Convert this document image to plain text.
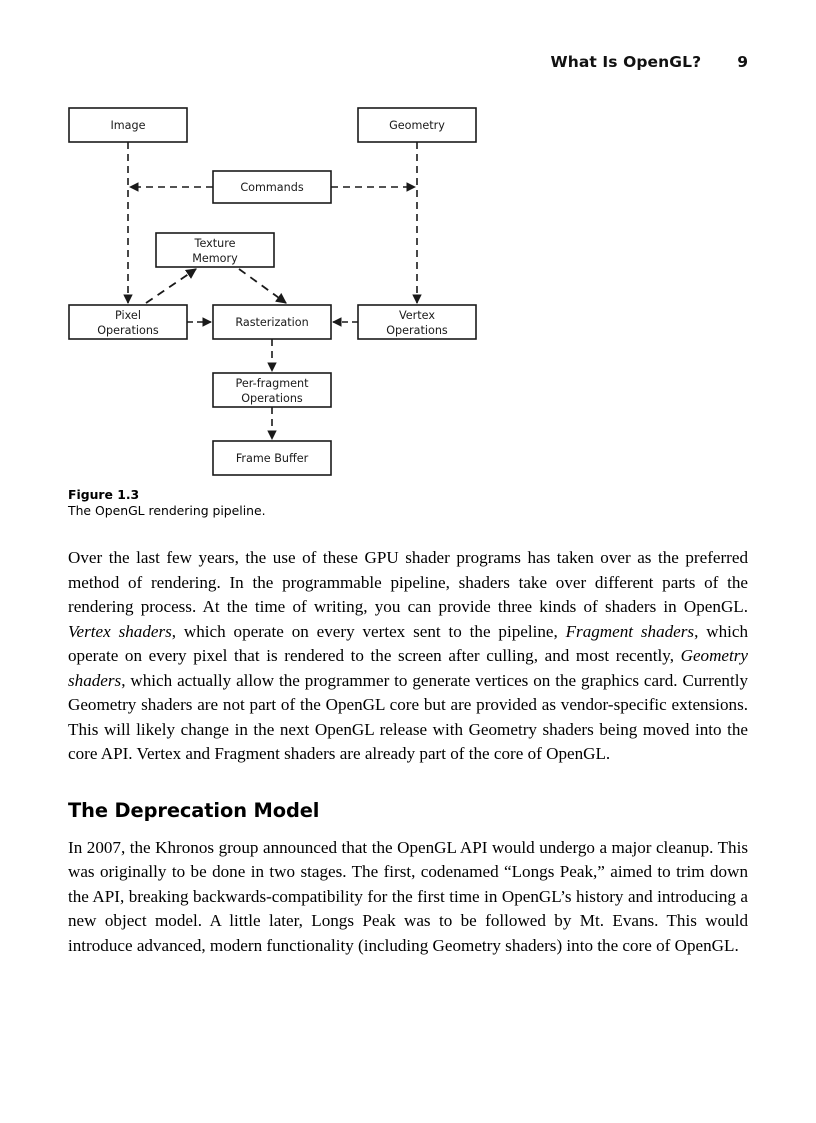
What Is OpenGL? 9
Image	Geometry
Commands
Texture
Memory
Pixel
Operations
Rasterization
Vertex
Operations
Per-fragment
Operations
Frame Buffer
Figure 1.3
The OpenGL rendering pipeline.

Over the last few years, the use of these GPU shader programs has taken over as the preferred method of rendering. In the programmable pipeline, shaders take over different parts of the rendering process. At the time of writing, you can provide three kinds of shaders in OpenGL. Vertex shaders, which operate on every vertex sent to the pipeline, Fragment shaders, which operate on every pixel that is rendered to the screen after culling, and most recently, Geometry shaders, which actually allow the programmer to generate vertices on the graphics card. Currently Geometry shaders are not part of the OpenGL core but are provided as vendor-specific extensions. This will likely change in the next OpenGL release with Geometry shaders being moved into the core API. Vertex and Fragment shaders are already part of the core of OpenGL.

The Deprecation Model

In 2007, the Khronos group announced that the OpenGL API would undergo a major cleanup. This was originally to be done in two stages. The first, codenamed “Longs Peak,” aimed to trim down the API, breaking backwards-compatibility for the first time in OpenGL’s history and introducing a new object model. A little later, Longs Peak was to be followed by Mt. Evans. This would introduce advanced, modern functionality (including Geometry shaders) into the core of OpenGL.
